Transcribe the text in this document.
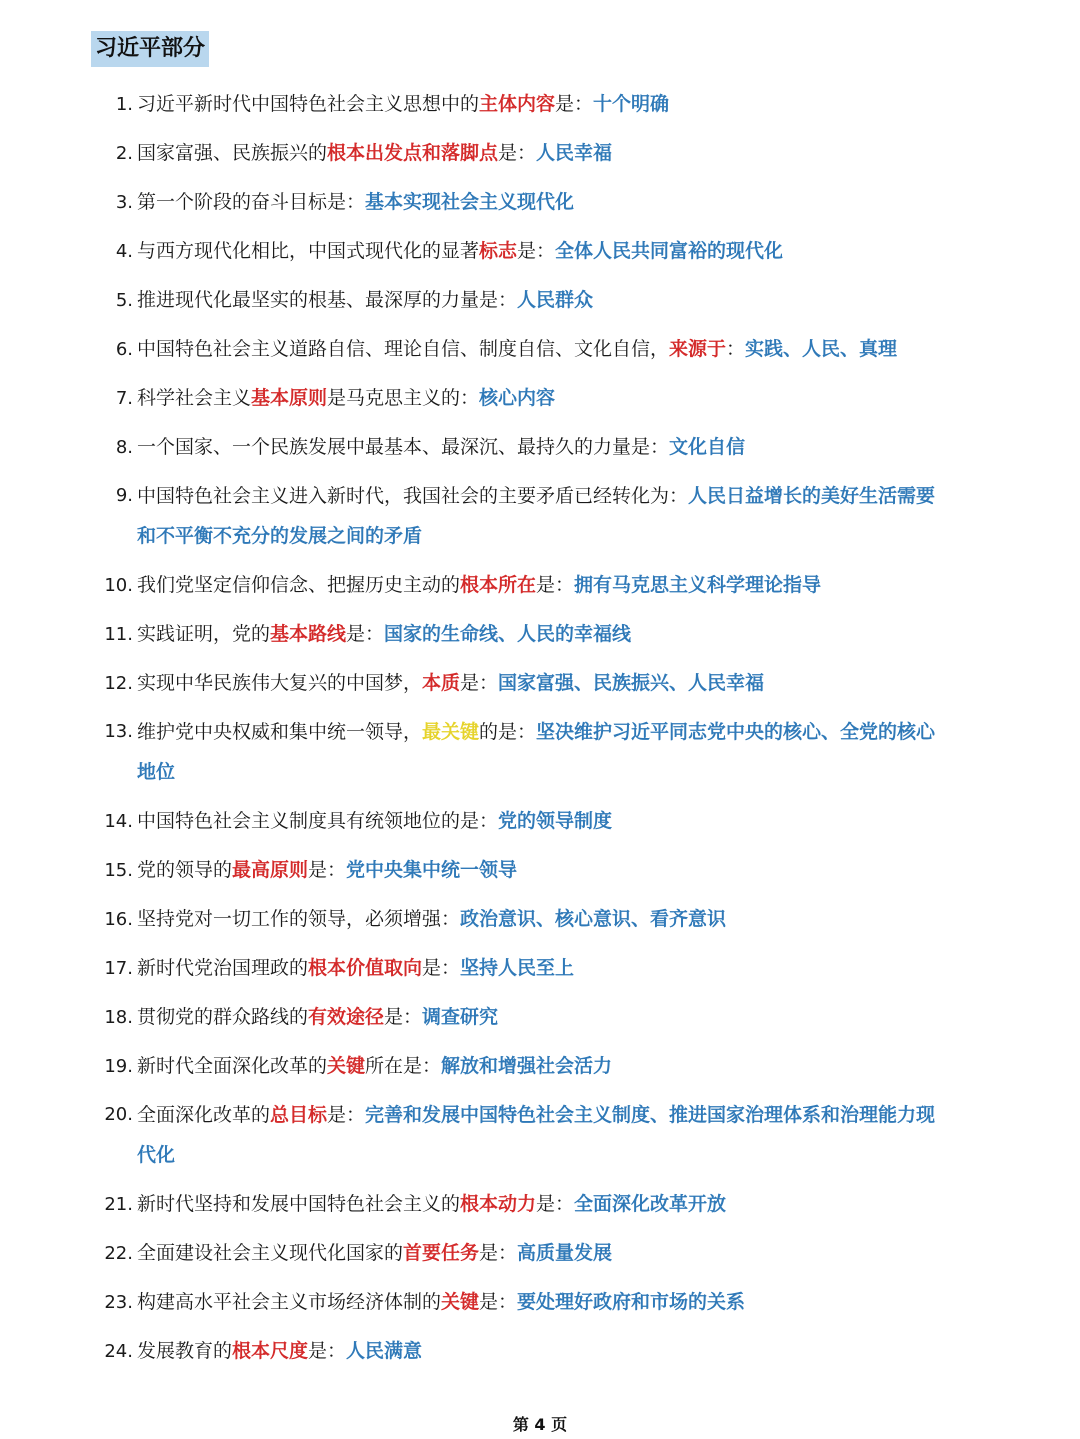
习近平部分
1. 习近平新时代中国特色社会主义思想中的主体内容是：十个明确
2. 国家富强、民族振兴的根本出发点和落脚点是：人民幸福
3. 第一个阶段的奋斗目标是：基本实现社会主义现代化
4. 与西方现代化相比，中国式现代化的显著标志是：全体人民共同富裕的现代化
5. 推进现代化最坚实的根基、最深厚的力量是：人民群众
6. 中国特色社会主义道路自信、理论自信、制度自信、文化自信，来源于：实践、人民、真理
7. 科学社会主义基本原则是马克思主义的：核心内容
8. 一个国家、一个民族发展中最基本、最深沉、最持久的力量是：文化自信
9. 中国特色社会主义进入新时代，我国社会的主要矛盾已经转化为：人民日益增长的美好生活需要和不平衡不充分的发展之间的矛盾
10. 我们党坚定信仰信念、把握历史主动的根本所在是：拥有马克思主义科学理论指导
11. 实践证明，党的基本路线是：国家的生命线、人民的幸福线
12. 实现中华民族伟大复兴的中国梦，本质是：国家富强、民族振兴、人民幸福
13. 维护党中央权威和集中统一领导，最关键的是：坚决维护习近平同志党中央的核心、全党的核心地位
14. 中国特色社会主义制度具有统领地位的是：党的领导制度
15. 党的领导的最高原则是：党中央集中统一领导
16. 坚持党对一切工作的领导，必须增强：政治意识、核心意识、看齐意识
17. 新时代党治国理政的根本价值取向是：坚持人民至上
18. 贯彻党的群众路线的有效途径是：调查研究
19. 新时代全面深化改革的关键所在是：解放和增强社会活力
20. 全面深化改革的总目标是：完善和发展中国特色社会主义制度、推进国家治理体系和治理能力现代化
21. 新时代坚持和发展中国特色社会主义的根本动力是：全面深化改革开放
22. 全面建设社会主义现代化国家的首要任务是：高质量发展
23. 构建高水平社会主义市场经济体制的关键是：要处理好政府和市场的关系
24. 发展教育的根本尺度是：人民满意
第 4 页
